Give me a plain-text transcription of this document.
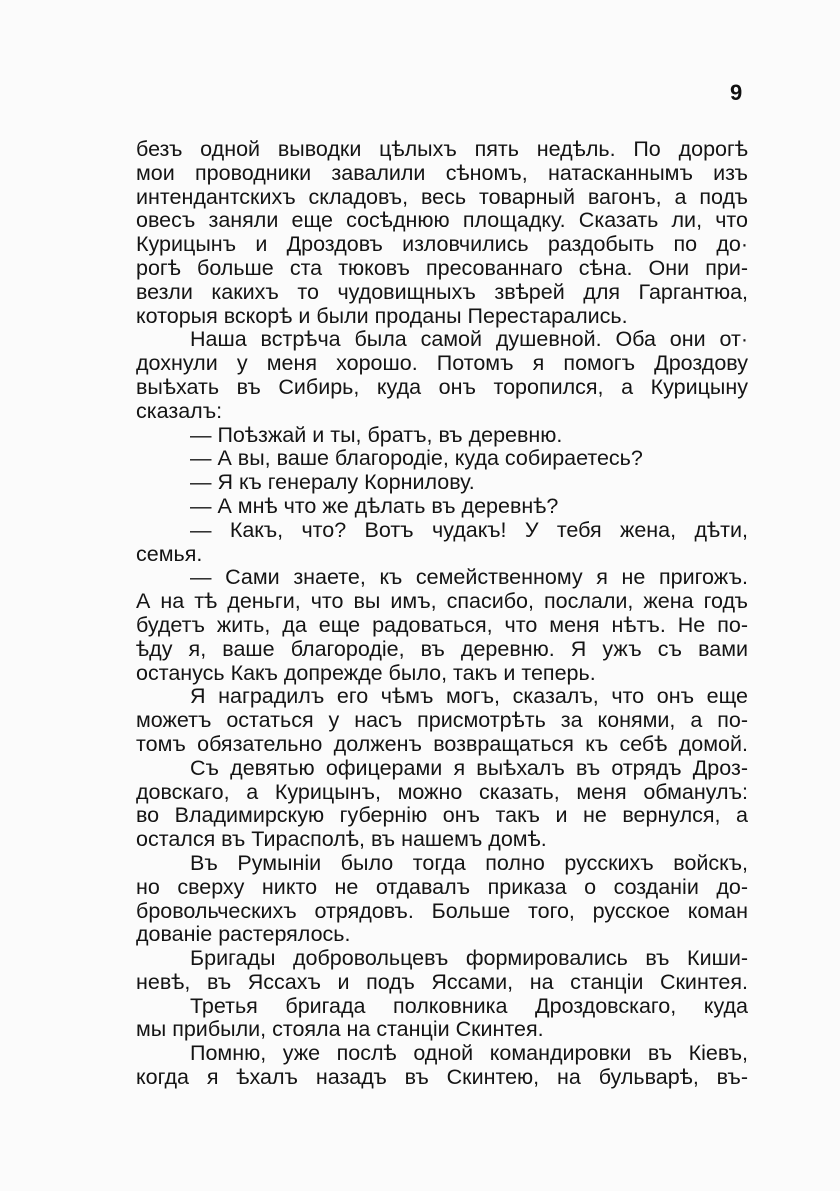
9
безъ одной выводки цѣлыхъ пять недѣль. По дорогѣ
мои проводники завалили сѣномъ, натасканнымъ изъ
интендантскихъ складовъ, весь товарный вагонъ, а подъ
овесъ заняли еще сосѣднюю площадку. Сказать ли, что
Курицынъ и Дроздовъ изловчились раздобыть по до·
рогѣ больше ста тюковъ пресованнаго сѣна. Они при-
везли какихъ то чудовищныхъ звѣрей для Гаргантюа,
которыя вскорѣ и были проданы Перестарались.
Наша встрѣча была самой душевной. Оба они от·
дохнули у меня хорошо. Потомъ я помогъ Дроздову
выѣхать въ Сибирь, куда онъ торопился, а Курицыну
сказалъ:
— Поѣзжай и ты, братъ, въ деревню.
— А вы, ваше благородіе, куда собираетесь?
— Я къ генералу Корнилову.
— А мнѣ что же дѣлать въ деревнѣ?
— Какъ, что? Вотъ чудакъ! У тебя жена, дѣти,
семья.
— Сами знаете, къ семейственному я не пригожъ.
А на тѣ деньги, что вы имъ, спасибо, послали, жена годъ
будетъ жить, да еще радоваться, что меня нѣтъ. Не по-
ѣду я, ваше благородіе, въ деревню. Я ужъ съ вами
останусь Какъ допрежде было, такъ и теперь.
Я наградилъ его чѣмъ могъ, сказалъ, что онъ еще
можетъ остаться у насъ присмотрѣть за конями, а по-
томъ обязательно долженъ возвращаться къ себѣ домой.
Съ девятью офицерами я выѣхалъ въ отрядъ Дроз-
довскаго, а Курицынъ, можно сказать, меня обманулъ:
во Владимирскую губернію онъ такъ и не вернулся, а
остался въ Тирасполѣ, въ нашемъ домѣ.
Въ Румыніи было тогда полно русскихъ войскъ,
но сверху никто не отдавалъ приказа о созданіи до-
бровольческихъ отрядовъ. Больше того, русское коман
дованіе растерялось.
Бригады добровольцевъ формировались въ Киши-
невѣ, въ Яссахъ и подъ Яссами, на станціи Скинтея.
Третья бригада полковника Дроздовскаго, куда
мы прибыли, стояла на станціи Скинтея.
Помню, уже послѣ одной командировки въ Кіевъ,
когда я ѣхалъ назадъ въ Скинтею, на бульварѣ, въ-
